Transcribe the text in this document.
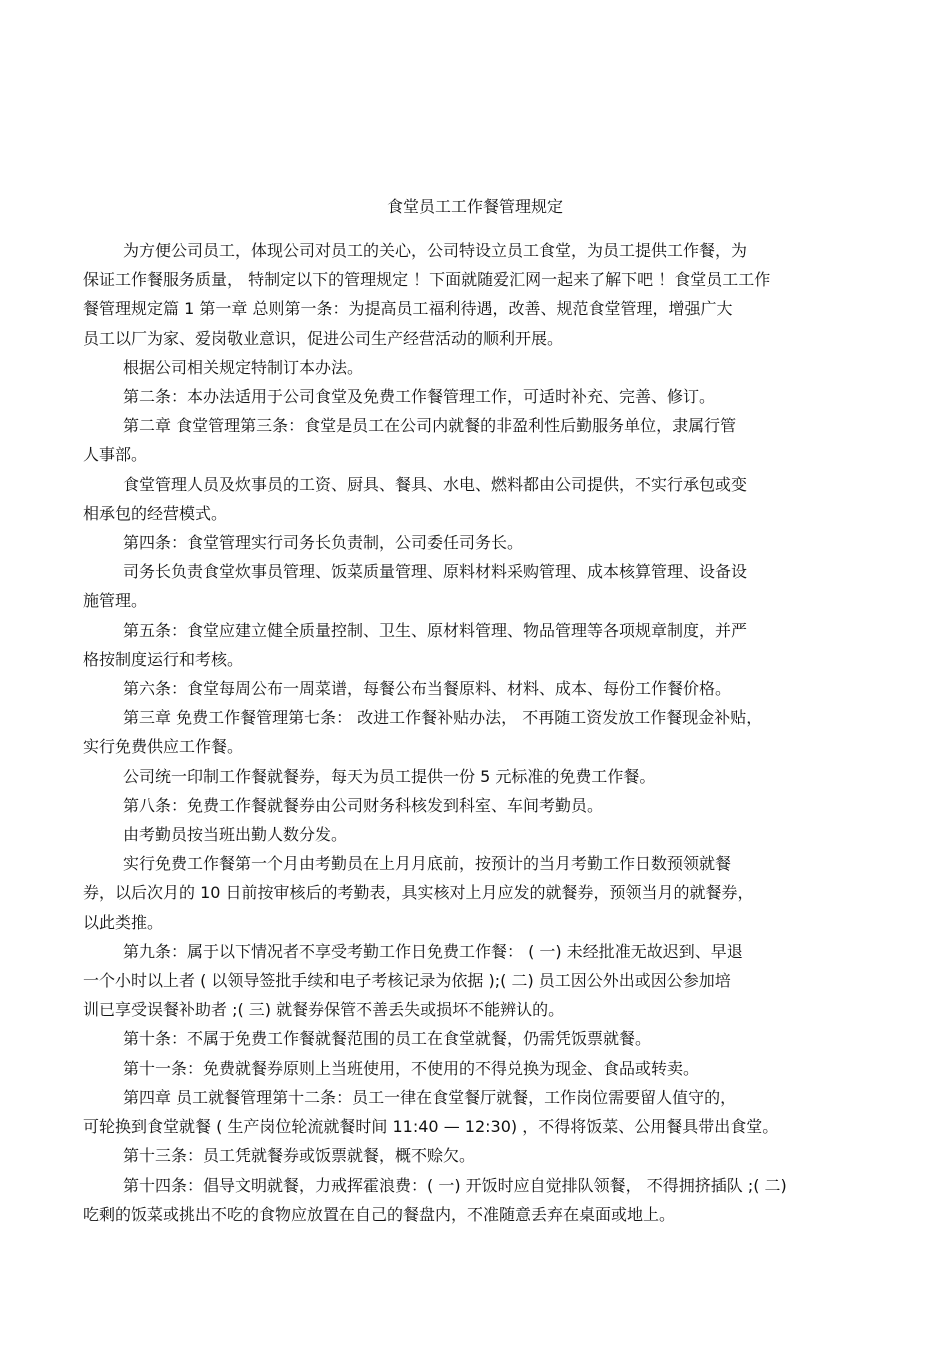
食堂员工工作餐管理规定

为方便公司员工，体现公司对员工的关心，公司特设立员工食堂，为员工提供工作餐，为
保证工作餐服务质量， 特制定以下的管理规定 ！下面就随爱汇网一起来了解下吧 ！食堂员工工作
餐管理规定篇 1 第一章 总则第一条：为提高员工福利待遇，改善、规范食堂管理，增强广大
员工以厂为家、爱岗敬业意识，促进公司生产经营活动的顺利开展。

根据公司相关规定特制订本办法。

第二条：本办法适用于公司食堂及免费工作餐管理工作，可适时补充、完善、修订。

第二章 食堂管理第三条：食堂是员工在公司内就餐的非盈利性后勤服务单位，隶属行管
人事部。

食堂管理人员及炊事员的工资、厨具、餐具、水电、燃料都由公司提供，不实行承包或变
相承包的经营模式。

第四条：食堂管理实行司务长负责制，公司委任司务长。

司务长负责食堂炊事员管理、饭菜质量管理、原料材料采购管理、成本核算管理、设备设
施管理。

第五条：食堂应建立健全质量控制、卫生、原材料管理、物品管理等各项规章制度，并严
格按制度运行和考核。

第六条：食堂每周公布一周菜谱，每餐公布当餐原料、材料、成本、每份工作餐价格。

第三章 免费工作餐管理第七条： 改进工作餐补贴办法， 不再随工资发放工作餐现金补贴，
实行免费供应工作餐。

公司统一印制工作餐就餐券，每天为员工提供一份 5 元标准的免费工作餐。

第八条：免费工作餐就餐券由公司财务科核发到科室、车间考勤员。

由考勤员按当班出勤人数分发。

实行免费工作餐第一个月由考勤员在上月月底前，按预计的当月考勤工作日数预领就餐
券，以后次月的 10 日前按审核后的考勤表，具实核对上月应发的就餐券，预领当月的就餐券，
以此类推。

第九条：属于以下情况者不享受考勤工作日免费工作餐： ( 一) 未经批准无故迟到、早退
一个小时以上者 ( 以领导签批手续和电子考核记录为依据 );( 二) 员工因公外出或因公参加培
训已享受误餐补助者 ;( 三) 就餐券保管不善丢失或损坏不能辨认的。

第十条：不属于免费工作餐就餐范围的员工在食堂就餐，仍需凭饭票就餐。

第十一条：免费就餐券原则上当班使用，不使用的不得兑换为现金、食品或转卖。

第四章 员工就餐管理第十二条：员工一律在食堂餐厅就餐，工作岗位需要留人值守的，
可轮换到食堂就餐 ( 生产岗位轮流就餐时间 11:40 — 12:30) ，不得将饭菜、公用餐具带出食堂。

第十三条：员工凭就餐券或饭票就餐，概不赊欠。

第十四条：倡导文明就餐，力戒挥霍浪费：( 一) 开饭时应自觉排队领餐， 不得拥挤插队 ;( 二)
吃剩的饭菜或挑出不吃的食物应放置在自己的餐盘内，不准随意丢弃在桌面或地上。
